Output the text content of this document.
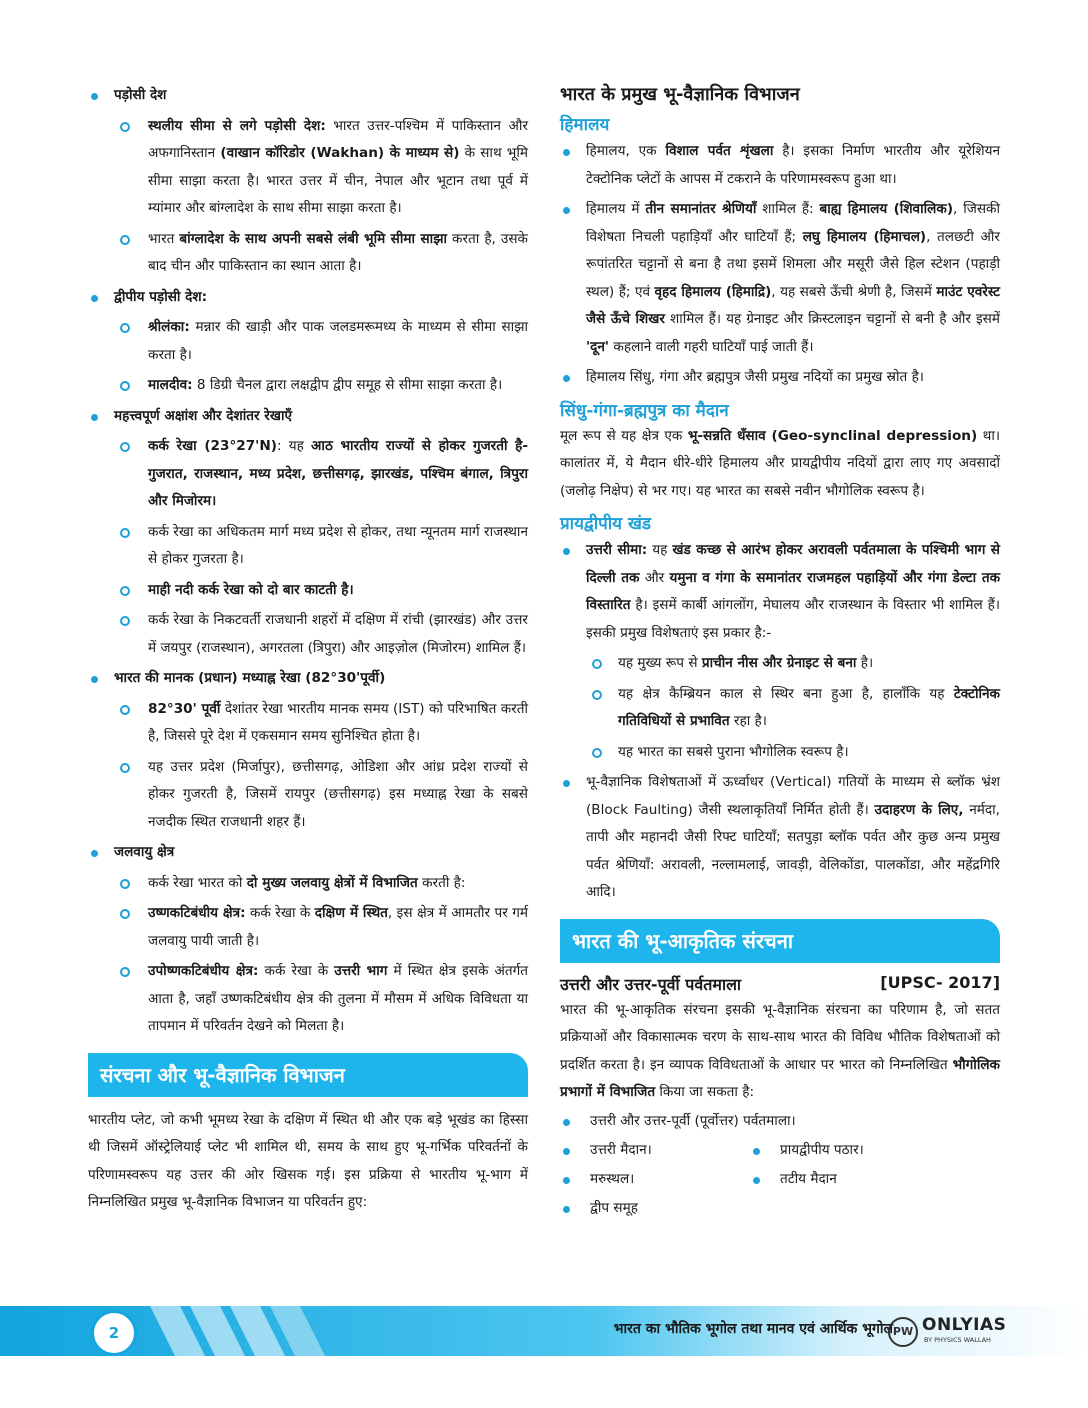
पड़ोसी देश

स्थलीय सीमा से लगे पड़ोसी देश: भारत उत्तर-पश्चिम में पाकिस्तान और अफगानिस्तान (वाखान कॉरिडोर (Wakhan) के माध्यम से) के साथ भूमि सीमा साझा करता है। भारत उत्तर में चीन, नेपाल और भूटान तथा पूर्व में म्यांमार और बांग्लादेश के साथ सीमा साझा करता है।

भारत बांग्लादेश के साथ अपनी सबसे लंबी भूमि सीमा साझा करता है, उसके बाद चीन और पाकिस्तान का स्थान आता है।

द्वीपीय पड़ोसी देश:

श्रीलंका: मन्नार की खाड़ी और पाक जलडमरूमध्य के माध्यम से सीमा साझा करता है।

मालदीव: 8 डिग्री चैनल द्वारा लक्षद्वीप द्वीप समूह से सीमा साझा करता है।

महत्त्वपूर्ण अक्षांश और देशांतर रेखाएँ

कर्क रेखा (23°27'N): यह आठ भारतीय राज्यों से होकर गुजरती है- गुजरात, राजस्थान, मध्य प्रदेश, छत्तीसगढ़, झारखंड, पश्चिम बंगाल, त्रिपुरा और मिजोरम।

कर्क रेखा का अधिकतम मार्ग मध्य प्रदेश से होकर, तथा न्यूनतम मार्ग राजस्थान से होकर गुजरता है।

माही नदी कर्क रेखा को दो बार काटती है।

कर्क रेखा के निकटवर्ती राजधानी शहरों में दक्षिण में रांची (झारखंड) और उत्तर में जयपुर (राजस्थान), अगरतला (त्रिपुरा) और आइज़ोल (मिजोरम) शामिल हैं।

भारत की मानक (प्रधान) मध्याह्न रेखा (82°30'पूर्वी)

82°30' पूर्वी देशांतर रेखा भारतीय मानक समय (IST) को परिभाषित करती है, जिससे पूरे देश में एकसमान समय सुनिश्चित होता है।

यह उत्तर प्रदेश (मिर्जापुर), छत्तीसगढ़, ओडिशा और आंध्र प्रदेश राज्यों से होकर गुजरती है, जिसमें रायपुर (छत्तीसगढ़) इस मध्याह्न रेखा के सबसे नजदीक स्थित राजधानी शहर हैं।

जलवायु क्षेत्र

कर्क रेखा भारत को दो मुख्य जलवायु क्षेत्रों में विभाजित करती है:

उष्णकटिबंधीय क्षेत्र: कर्क रेखा के दक्षिण में स्थित, इस क्षेत्र में आमतौर पर गर्म जलवायु पायी जाती है।

उपोष्णकटिबंधीय क्षेत्र: कर्क रेखा के उत्तरी भाग में स्थित क्षेत्र इसके अंतर्गत आता है, जहाँ उष्णकटिबंधीय क्षेत्र की तुलना में मौसम में अधिक विविधता या तापमान में परिवर्तन देखने को मिलता है।

संरचना और भू-वैज्ञानिक विभाजन

भारतीय प्लेट, जो कभी भूमध्य रेखा के दक्षिण में स्थित थी और एक बड़े भूखंड का हिस्सा थी जिसमें ऑस्ट्रेलियाई प्लेट भी शामिल थी, समय के साथ हुए भू-गर्भिक परिवर्तनों के परिणामस्वरूप यह उत्तर की ओर खिसक गई। इस प्रक्रिया से भारतीय भू-भाग में निम्नलिखित प्रमुख भू-वैज्ञानिक विभाजन या परिवर्तन हुए:

भारत के प्रमुख भू-वैज्ञानिक विभाजन
हिमालय

हिमालय, एक विशाल पर्वत शृंखला है। इसका निर्माण भारतीय और यूरेशियन टेक्टोनिक प्लेटों के आपस में टकराने के परिणामस्वरूप हुआ था।

हिमालय में तीन समानांतर श्रेणियाँ शामिल हैं: बाह्य हिमालय (शिवालिक), जिसकी विशेषता निचली पहाड़ियाँ और घाटियाँ हैं; लघु हिमालय (हिमाचल), तलछटी और रूपांतरित चट्टानों से बना है तथा इसमें शिमला और मसूरी जैसे हिल स्टेशन (पहाड़ी स्थल) हैं; एवं वृहद हिमालय (हिमाद्रि), यह सबसे ऊँची श्रेणी है, जिसमें माउंट एवरेस्ट जैसे ऊँचे शिखर शामिल हैं। यह ग्रेनाइट और क्रिस्टलाइन चट्टानों से बनी है और इसमें 'दून' कहलाने वाली गहरी घाटियाँ पाई जाती हैं।

हिमालय सिंधु, गंगा और ब्रह्मपुत्र जैसी प्रमुख नदियों का प्रमुख स्रोत है।

सिंधु-गंगा-ब्रह्मपुत्र का मैदान

मूल रूप से यह क्षेत्र एक भू-सन्नति धँसाव (Geo-synclinal depression) था। कालांतर में, ये मैदान धीरे-धीरे हिमालय और प्रायद्वीपीय नदियों द्वारा लाए गए अवसादों (जलोढ़ निक्षेप) से भर गए। यह भारत का सबसे नवीन भौगोलिक स्वरूप है।

प्रायद्वीपीय खंड

उत्तरी सीमा: यह खंड कच्छ से आरंभ होकर अरावली पर्वतमाला के पश्चिमी भाग से दिल्ली तक और यमुना व गंगा के समानांतर राजमहल पहाड़ियों और गंगा डेल्टा तक विस्तारित है। इसमें कार्बी आंगलोंग, मेघालय और राजस्थान के विस्तार भी शामिल हैं। इसकी प्रमुख विशेषताएं इस प्रकार है:-

यह मुख्य रूप से प्राचीन नीस और ग्रेनाइट से बना है।

यह क्षेत्र कैम्ब्रियन काल से स्थिर बना हुआ है, हालाँकि यह टेक्टोनिक गतिविधियों से प्रभावित रहा है।

यह भारत का सबसे पुराना भौगोलिक स्वरूप है।

भू-वैज्ञानिक विशेषताओं में ऊर्ध्वाधर (Vertical) गतियों के माध्यम से ब्लॉक भ्रंश (Block Faulting) जैसी स्थलाकृतियाँ निर्मित होती हैं। उदाहरण के लिए, नर्मदा, तापी और महानदी जैसी रिफ्ट घाटियाँ; सतपुड़ा ब्लॉक पर्वत और कुछ अन्य प्रमुख पर्वत श्रेणियाँ: अरावली, नल्लामलाई, जावड़ी, वेलिकोंडा, पालकोंडा, और महेंद्रगिरि आदि।

भारत की भू-आकृतिक संरचना
उत्तरी और उत्तर-पूर्वी पर्वतमाला	[UPSC- 2017]

भारत की भू-आकृतिक संरचना इसकी भू-वैज्ञानिक संरचना का परिणाम है, जो सतत प्रक्रियाओं और विकासात्मक चरण के साथ-साथ भारत की विविध भौतिक विशेषताओं को प्रदर्शित करता है। इन व्यापक विविधताओं के आधार पर भारत को निम्नलिखित भौगोलिक प्रभागों में विभाजित किया जा सकता है:

उत्तरी और उत्तर-पूर्वी (पूर्वोत्तर) पर्वतमाला।
उत्तरी मैदान।	प्रायद्वीपीय पठार।
मरुस्थल।	तटीय मैदान
द्वीप समूह
2	भारत का भौतिक भूगोल तथा मानव एवं आर्थिक भूगोल PW ONLYIAS
BY PHYSICS WALLAH
